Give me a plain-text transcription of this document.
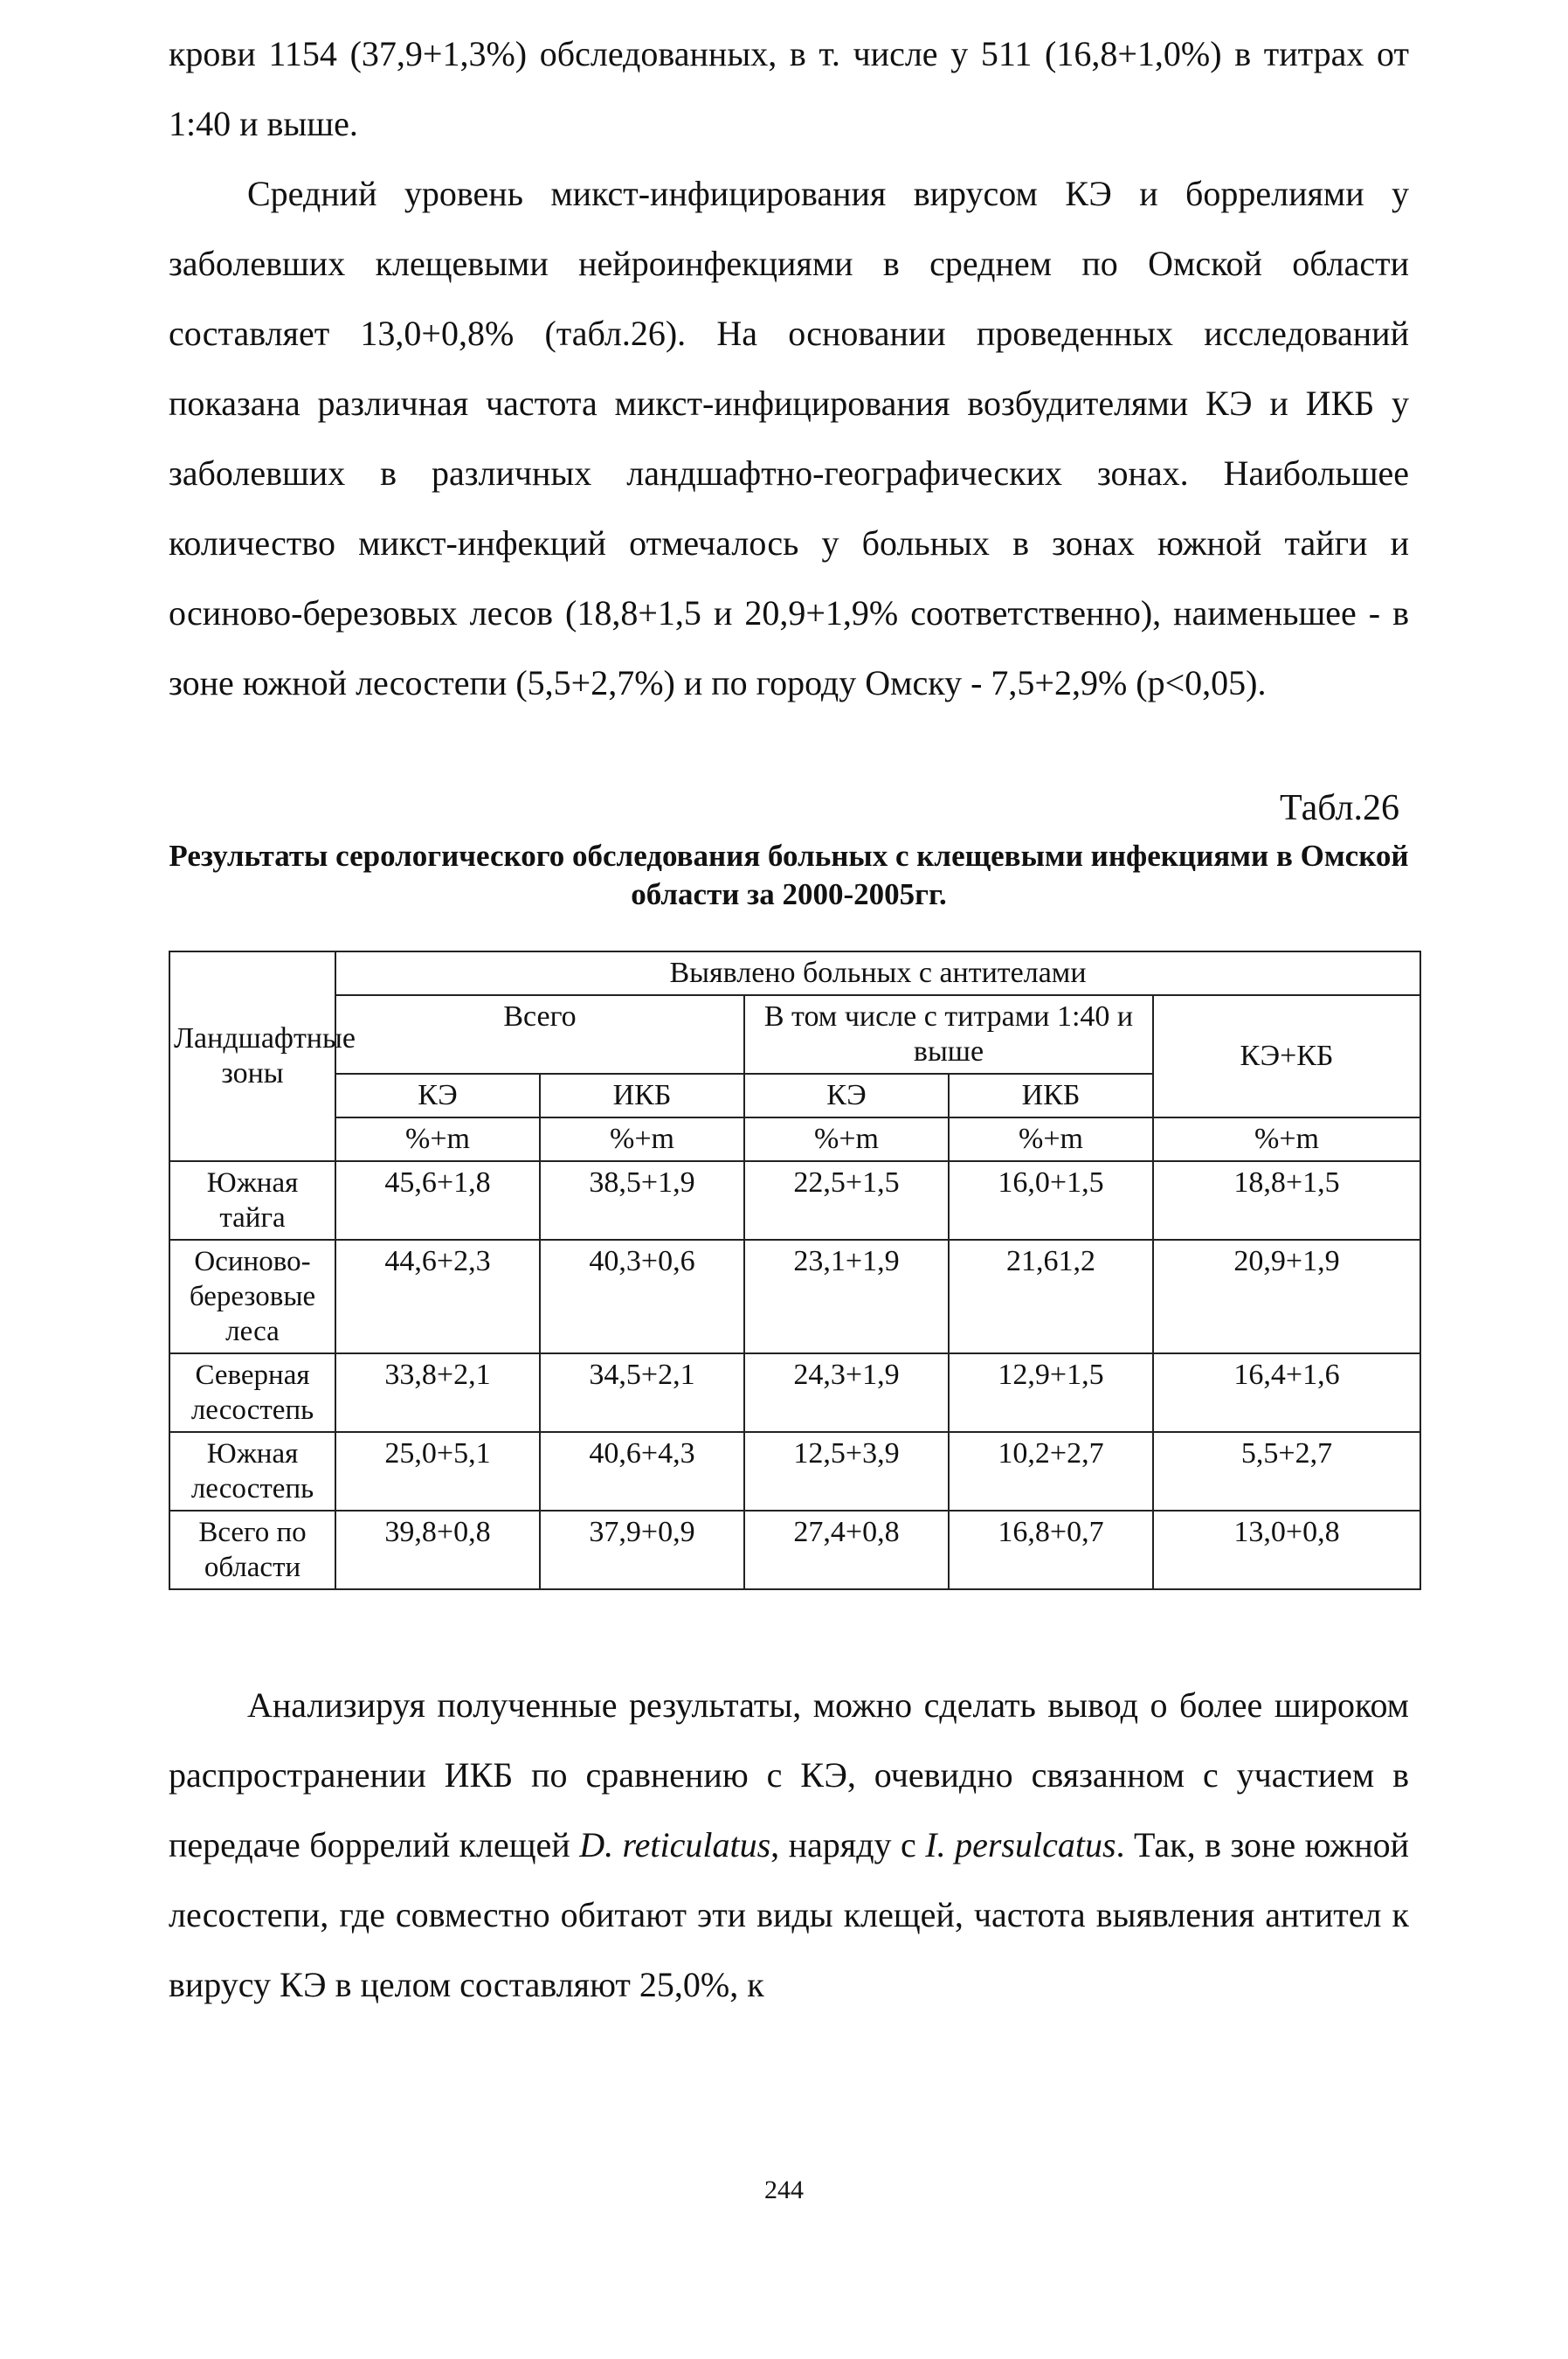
крови 1154 (37,9+1,3%) обследованных, в т. числе у 511 (16,8+1,0%) в титрах от 1:40 и выше.

Средний уровень микст-инфицирования вирусом КЭ и боррелиями у заболевших клещевыми нейроинфекциями в среднем по Омской области составляет 13,0+0,8% (табл.26). На основании проведенных исследований показана различная частота микст-инфицирования возбудителями КЭ и ИКБ у заболевших в различных ландшафтно-географических зонах. Наибольшее количество микст-инфекций отмечалось у больных в зонах южной тайги и осиново-березовых лесов (18,8+1,5 и 20,9+1,9% соответственно), наименьшее - в зоне южной лесостепи (5,5+2,7%) и по городу Омску - 7,5+2,9% (p<0,05).

Табл.26
Результаты серологического обследования больных с клещевыми инфекциями в Омской области за 2000-2005гг.
Ландшафтные зоны	Выявлено больных с антителами				
	Всего		В том числе с титрами 1:40 и выше		КЭ+КБ
	КЭ	ИКБ	КЭ	ИКБ	
	%+m	%+m	%+m	%+m	%+m
Южная тайга	45,6+1,8	38,5+1,9	22,5+1,5	16,0+1,5	18,8+1,5
Осиново-березовые леса	44,6+2,3	40,3+0,6	23,1+1,9	21,61,2	20,9+1,9
Северная лесостепь	33,8+2,1	34,5+2,1	24,3+1,9	12,9+1,5	16,4+1,6
Южная лесостепь	25,0+5,1	40,6+4,3	12,5+3,9	10,2+2,7	5,5+2,7
Всего по области	39,8+0,8	37,9+0,9	27,4+0,8	16,8+0,7	13,0+0,8

Анализируя полученные результаты, можно сделать вывод о более широком распространении ИКБ по сравнению с КЭ, очевидно связанном с участием в передаче боррелий клещей D. reticulatus, наряду с I. persulcatus. Так, в зоне южной лесостепи, где совместно обитают эти виды клещей, частота выявления антител к вирусу КЭ в целом составляют 25,0%, к

244
